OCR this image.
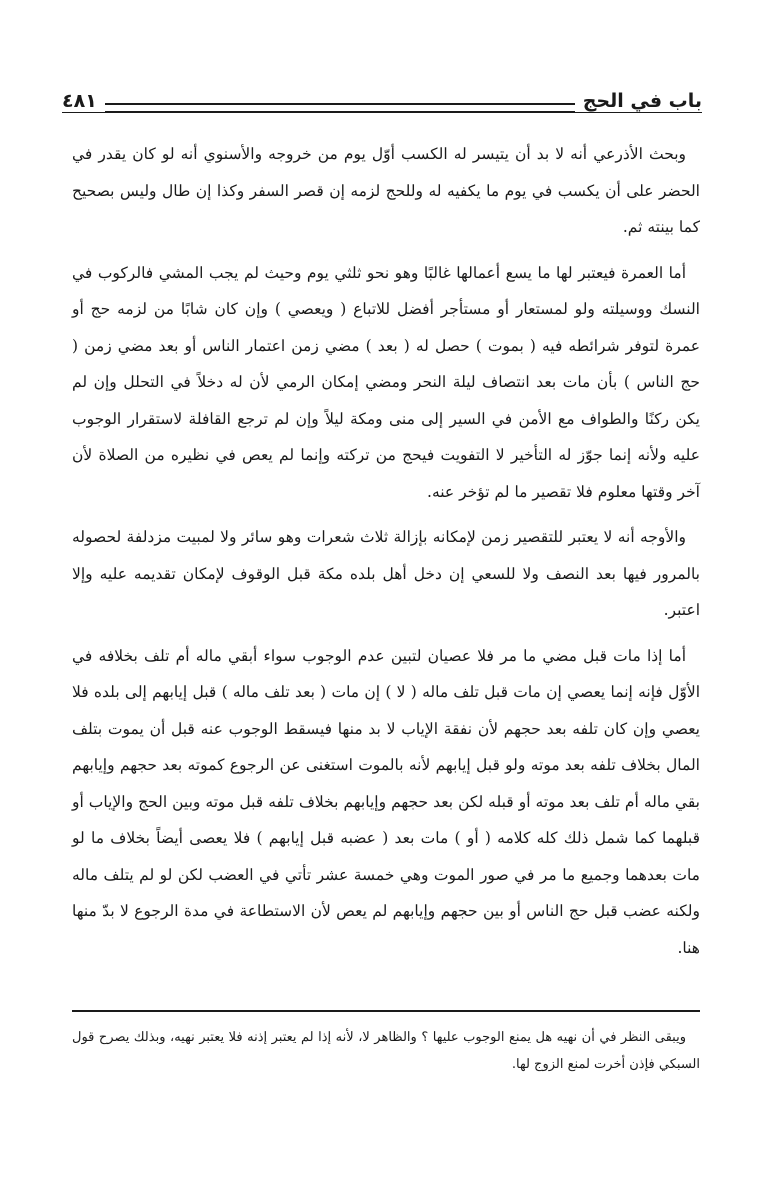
باب في الحج
٤٨١

وبحث الأذرعي أنه لا بد أن يتيسر له الكسب أوّل يوم من خروجه والأسنوي أنه لو كان يقدر في الحضر على أن يكسب في يوم ما يكفيه له وللحج لزمه إن قصر السفر وكذا إن طال وليس بصحيح كما بينته ثم.

أما العمرة فيعتبر لها ما يسع أعمالها غالبًا وهو نحو ثلثي يوم وحيث لم يجب المشي فالركوب في النسك ووسيلته ولو لمستعار أو مستأجر أفضل للاتباع ( ويعصي ) وإن كان شابًا من لزمه حج أو عمرة لتوفر شرائطه فيه ( بموت ) حصل له ( بعد ) مضي زمن اعتمار الناس أو بعد مضي زمن ( حج الناس ) بأن مات بعد انتصاف ليلة النحر ومضي إمكان الرمي لأن له دخلاً في التحلل وإن لم يكن ركنًا والطواف مع الأمن في السير إلى منى ومكة ليلاً وإن لم ترجع القافلة لاستقرار الوجوب عليه ولأنه إنما جوّز له التأخير لا التفويت فيحج من تركته وإنما لم يعص في نظيره من الصلاة لأن آخر وقتها معلوم فلا تقصير ما لم تؤخر عنه.

والأوجه أنه لا يعتبر للتقصير زمن لإمكانه بإزالة ثلاث شعرات وهو سائر ولا لمبيت مزدلفة لحصوله بالمرور فيها بعد النصف ولا للسعي إن دخل أهل بلده مكة قبل الوقوف لإمكان تقديمه عليه وإلا اعتبر.

أما إذا مات قبل مضي ما مر فلا عصيان لتبين عدم الوجوب سواء أبقي ماله أم تلف بخلافه في الأوّل فإنه إنما يعصي إن مات قبل تلف ماله ( لا ) إن مات ( بعد تلف ماله ) قبل إيابهم إلى بلده فلا يعصي وإن كان تلفه بعد حجهم لأن نفقة الإياب لا بد منها فيسقط الوجوب عنه قبل أن يموت بتلف المال بخلاف تلفه بعد موته ولو قبل إيابهم لأنه بالموت استغنى عن الرجوع كموته بعد حجهم وإيابهم بقي ماله أم تلف بعد موته أو قبله لكن بعد حجهم وإيابهم بخلاف تلفه قبل موته وبين الحج والإياب أو قبلهما كما شمل ذلك كله كلامه ( أو ) مات بعد ( عضبه قبل إيابهم ) فلا يعصى أيضاً بخلاف ما لو مات بعدهما وجميع ما مر في صور الموت وهي خمسة عشر تأتي في العضب لكن لو لم يتلف ماله ولكنه عضب قبل حج الناس أو بين حجهم وإيابهم لم يعص لأن الاستطاعة في مدة الرجوع لا بدّ منها هنا.

ويبقى النظر في أن نهيه هل يمنع الوجوب عليها ؟ والظاهر لا، لأنه إذا لم يعتبر إذنه فلا يعتبر نهيه، وبذلك يصرح قول السبكي فإذن أخرت لمنع الزوج لها.
